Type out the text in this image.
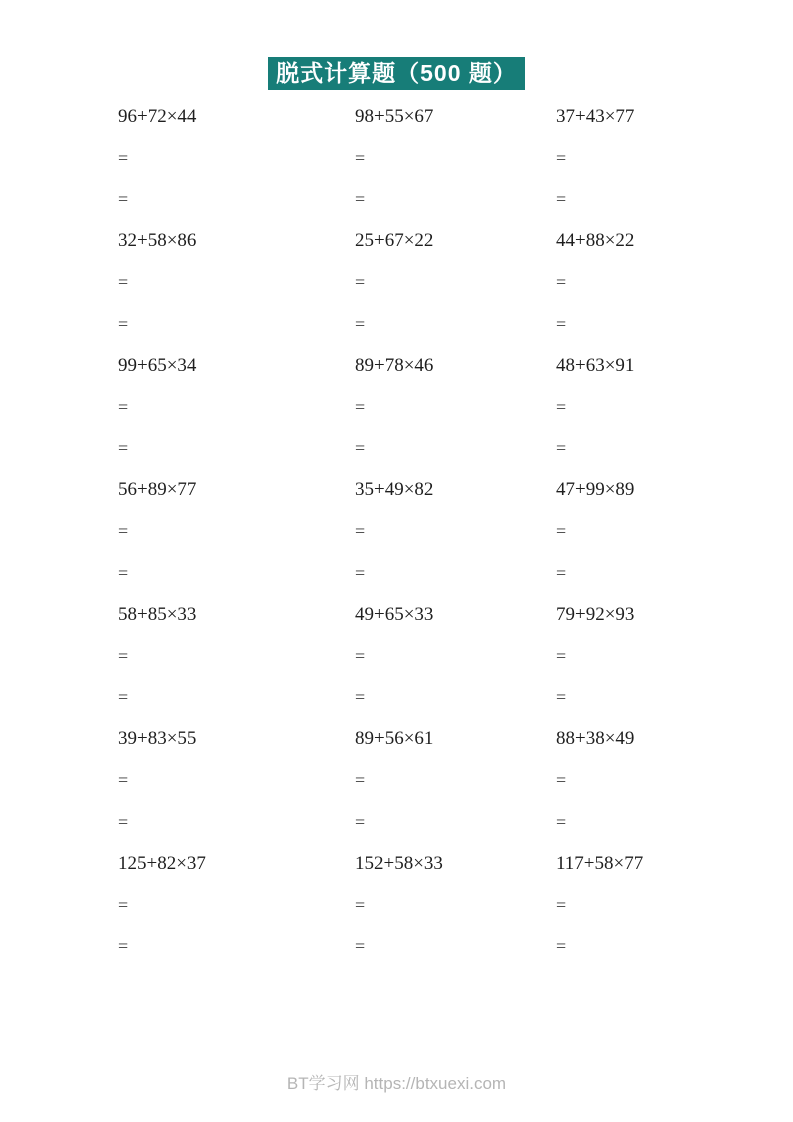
脱式计算题（500 题）
96+72×44	98+55×67	37+43×77
=	=	=
=	=	=
32+58×86	25+67×22	44+88×22
=	=	=
=	=	=
99+65×34	89+78×46	48+63×91
=	=	=
=	=	=
56+89×77	35+49×82	47+99×89
=	=	=
=	=	=
58+85×33	49+65×33	79+92×93
=	=	=
=	=	=
39+83×55	89+56×61	88+38×49
=	=	=
=	=	=
125+82×37	152+58×33	117+58×77
=	=	=
=	=	=
BT学习网 https://btxuexi.com
